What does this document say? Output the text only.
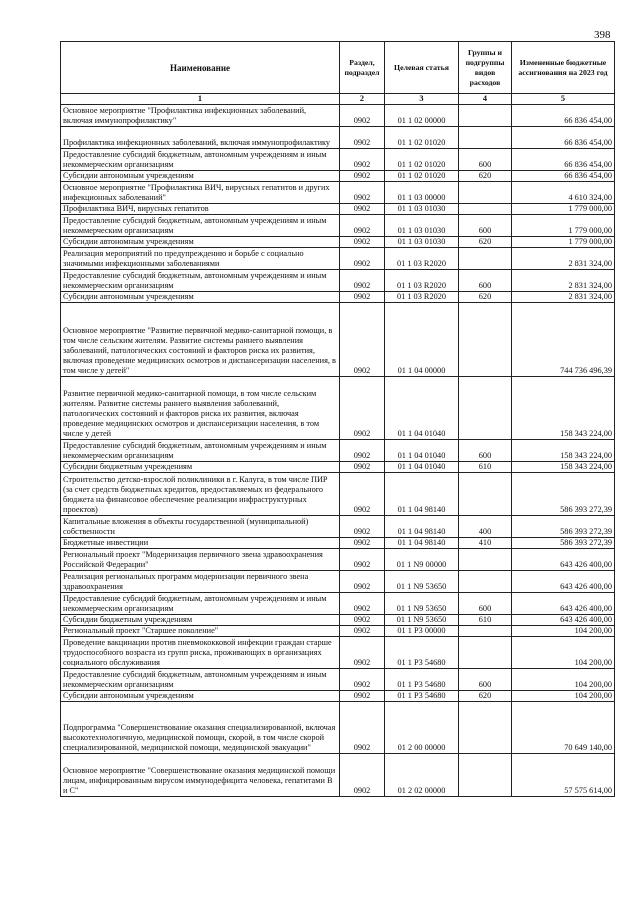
398
Наименование	Раздел, подраздел	Целевая статья	Группы и подгруппы видов расходов	Измененные бюджетные ассигнования на 2023 год
1	2	3	4	5
Основное мероприятие "Профилактика инфекционных заболеваний, включая иммунопрофилактику"	0902	01 1 02 00000		66 836 454,00
Профилактика инфекционных заболеваний, включая иммунопрофилактику	0902	01 1 02 01020		66 836 454,00
Предоставление субсидий бюджетным, автономным учреждениям и иным некоммерческим организациям	0902	01 1 02 01020	600	66 836 454,00
Субсидии автономным учреждениям	0902	01 1 02 01020	620	66 836 454,00
Основное мероприятие "Профилактика ВИЧ, вирусных гепатитов и других инфекционных заболеваний"	0902	01 1 03 00000		4 610 324,00
Профилактика ВИЧ, вирусных гепатитов	0902	01 1 03 01030		1 779 000,00
Предоставление субсидий бюджетным, автономным учреждениям и иным некоммерческим организациям	0902	01 1 03 01030	600	1 779 000,00
Субсидии автономным учреждениям	0902	01 1 03 01030	620	1 779 000,00
Реализация мероприятий по предупреждению и борьбе с социально значимыми инфекционными заболеваниями	0902	01 1 03 R2020		2 831 324,00
Предоставление субсидий бюджетным, автономным учреждениям и иным некоммерческим организациям	0902	01 1 03 R2020	600	2 831 324,00
Субсидии автономным учреждениям	0902	01 1 03 R2020	620	2 831 324,00
Основное мероприятие "Развитие первичной медико-санитарной помощи, в том числе сельским жителям. Развитие системы раннего выявления заболеваний, патологических состояний и факторов риска их развития, включая проведение медицинских осмотров и диспансеризации населения, в том числе у детей"	0902	01 1 04 00000		744 736 496,39
Развитие первичной медико-санитарной помощи, в том числе сельским жителям. Развитие системы раннего выявления заболеваний, патологических состояний и факторов риска их развития, включая проведение медицинских осмотров и диспансеризации населения, в том числе у детей	0902	01 1 04 01040		158 343 224,00
Предоставление субсидий бюджетным, автономным учреждениям и иным некоммерческим организациям	0902	01 1 04 01040	600	158 343 224,00
Субсидии бюджетным учреждениям	0902	01 1 04 01040	610	158 343 224,00
Строительство детско-взрослой поликлиники в г. Калуга, в том числе ПИР (за счет средств бюджетных кредитов, предоставляемых из федерального бюджета на финансовое обеспечение реализации инфраструктурных проектов)	0902	01 1 04 98140		586 393 272,39
Капитальные вложения в объекты государственной (муниципальной) собственности	0902	01 1 04 98140	400	586 393 272,39
Бюджетные инвестиции	0902	01 1 04 98140	410	586 393 272,39
Региональный проект "Модернизация первичного звена здравоохранения Российской Федерации"	0902	01 1 N9 00000		643 426 400,00
Реализация региональных программ модернизации первичного звена здравоохранения	0902	01 1 N9 53650		643 426 400,00
Предоставление субсидий бюджетным, автономным учреждениям и иным некоммерческим организациям	0902	01 1 N9 53650	600	643 426 400,00
Субсидии бюджетным учреждениям	0902	01 1 N9 53650	610	643 426 400,00
Региональный проект "Старшее поколение"	0902	01 1 P3 00000		104 200,00
Проведение вакцинации против пневмококковой инфекции граждан старше трудоспособного возраста из групп риска, проживающих в организациях социального обслуживания	0902	01 1 P3 54680		104 200,00
Предоставление субсидий бюджетным, автономным учреждениям и иным некоммерческим организациям	0902	01 1 P3 54680	600	104 200,00
Субсидии автономным учреждениям	0902	01 1 P3 54680	620	104 200,00
Подпрограмма "Совершенствование оказания специализированной, включая высокотехнологичную, медицинской помощи, скорой, в том числе скорой специализированной, медицинской помощи, медицинской эвакуации"	0902	01 2 00 00000		70 649 140,00
Основное мероприятие "Совершенствование оказания медицинской помощи лицам, инфицированным вирусом иммунодефицита человека, гепатитами В и С"	0902	01 2 02 00000		57 575 614,00
